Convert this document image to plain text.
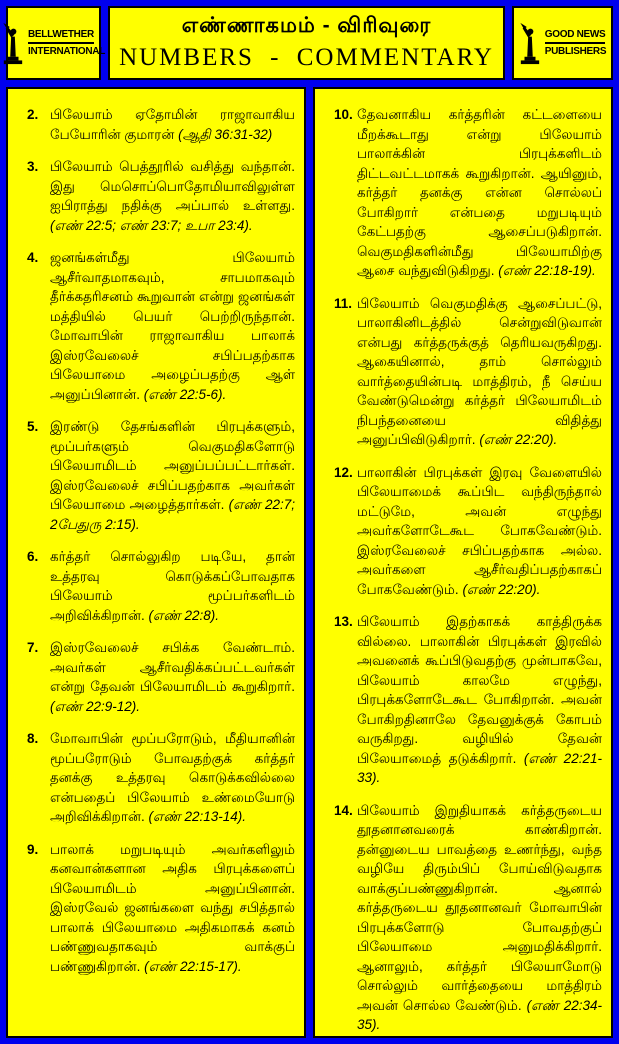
BELLWETHER
INTERNATIONAL
எண்ணாகமம் - விரிவுரை
NUMBERS - COMMENTARY
GOOD NEWS
PUBLISHERS
2. பிலேயாம் ஏதோமின் ராஜாவாகிய பேயோரின் குமாரன் (ஆதி 36:31-32)
3. பிலேயாம் பெத்தூரில் வசித்து வந்தான். இது மெசொப்பொதோமியாவிலுள்ள ஐபிராத்து நதிக்கு அப்பால் உள்ளது. (எண் 22:5; எண் 23:7; உபா 23:4).
4. ஜனங்கள்மீது பிலேயாம் ஆசீர்வாதமாகவும், சாபமாகவும் தீர்க்கதரிசனம் கூறுவான் என்று ஜனங்கள் மத்தியில் பெயர் பெற்றிருந்தான். மோவாபின் ராஜாவாகிய பாலாக் இஸ்ரவேலைச் சபிப்பதற்காக பிலேயாமை அழைப்பதற்கு ஆள் அனுப்பினான். (எண் 22:5-6).
5. இரண்டு தேசங்களின் பிரபுக்களும், மூப்பர்களும் வெகுமதிகளோடு பிலேயாமிடம் அனுப்பப்பட்டார்கள். இஸ்ரவேலைச் சபிப்பதற்காக அவர்கள் பிலேயாமை அழைத்தார்கள். (எண் 22:7; 2பேதுரு 2:15).
6. கர்த்தர் சொல்லுகிற படியே, தான் உத்தரவு கொடுக்கப்போவதாக பிலேயாம் மூப்பர்களிடம் அறிவிக்கிறான். (எண் 22:8).
7. இஸ்ரவேலைச் சபிக்க வேண்டாம். அவர்கள் ஆசீர்வதிக்கப்பட்டவர்கள் என்று தேவன் பிலேயாமிடம் கூறுகிறார். (எண் 22:9-12).
8. மோவாபின் மூப்பரோடும், மீதியானின் மூப்பரோடும் போவதற்குக் கர்த்தர் தனக்கு உத்தரவு கொடுக்கவில்லை என்பதைப் பிலேயாம் உண்மையோடு அறிவிக்கிறான். (எண் 22:13-14).
9. பாலாக் மறுபடியும் அவர்களிலும் கனவான்களான அதிக பிரபுக்களைப் பிலேயாமிடம் அனுப்பினான். இஸ்ரவேல் ஜனங்களை வந்து சபித்தால் பாலாக் பிலேயாமை அதிகமாகக் கனம் பண்ணுவதாகவும் வாக்குப் பண்ணுகிறான். (எண் 22:15-17).
10. தேவனாகிய கர்த்தரின் கட்டளையை மீறக்கூடாது என்று பிலேயாம் பாலாக்கின் பிரபுக்களிடம் திட்டவட்டமாகக் கூறுகிறான். ஆயினும், கர்த்தர் தனக்கு என்ன சொல்லப் போகிறார் என்பதை மறுபடியும் கேட்பதற்கு ஆசைப்படுகிறான். வெகுமதிகளின்மீது பிலேயாமிற்கு ஆசை வந்துவிடுகிறது. (எண் 22:18-19).
11. பிலேயாம் வெகுமதிக்கு ஆசைப்பட்டு, பாலாகினிடத்தில் சென்றுவிடுவான் என்பது கர்த்தருக்குத் தெரியவருகிறது. ஆகையினால், தாம் சொல்லும் வார்த்தையின்படி மாத்திரம், நீ செய்ய வேண்டுமென்று கர்த்தர் பிலேயாமிடம் நிபந்தனையை விதித்து அனுப்பிவிடுகிறார். (எண் 22:20).
12. பாலாகின் பிரபுக்கள் இரவு வேளையில் பிலேயாமைக் கூப்பிட வந்திருந்தால் மட்டுமே, அவன் எழுந்து அவர்களோடேகூட போகவேண்டும். இஸ்ரவேலைச் சபிப்பதற்காக அல்ல. அவர்களை ஆசீர்வதிப்பதற்காகப் போகவேண்டும். (எண் 22:20).
13. பிலேயாம் இதற்காகக் காத்திருக்க வில்லை. பாலாகின் பிரபுக்கள் இரவில் அவனைக் கூப்பிடுவதற்கு முன்பாகவே, பிலேயாம் காலமே எழுந்து, பிரபுக்களோடேகூட போகிறான். அவன் போகிறதினாலே தேவனுக்குக் கோபம் வருகிறது. வழியில் தேவன் பிலேயாமைத் தடுக்கிறார். (எண் 22:21-33).
14. பிலேயாம் இறுதியாகக் கர்த்தருடைய தூதனானவரைக் காண்கிறான். தன்னுடைய பாவத்தை உணர்ந்து, வந்த வழியே திரும்பிப் போய்விடுவதாக வாக்குப்பண்ணுகிறான். ஆனால் கர்த்தருடைய தூதனானவர் மோவாபின் பிரபுக்களோடு போவதற்குப் பிலேயாமை அனுமதிக்கிறார். ஆனாலும், கர்த்தர் பிலேயாமோடு சொல்லும் வார்த்தையை மாத்திரம் அவன் சொல்ல வேண்டும். (எண் 22:34-35).
